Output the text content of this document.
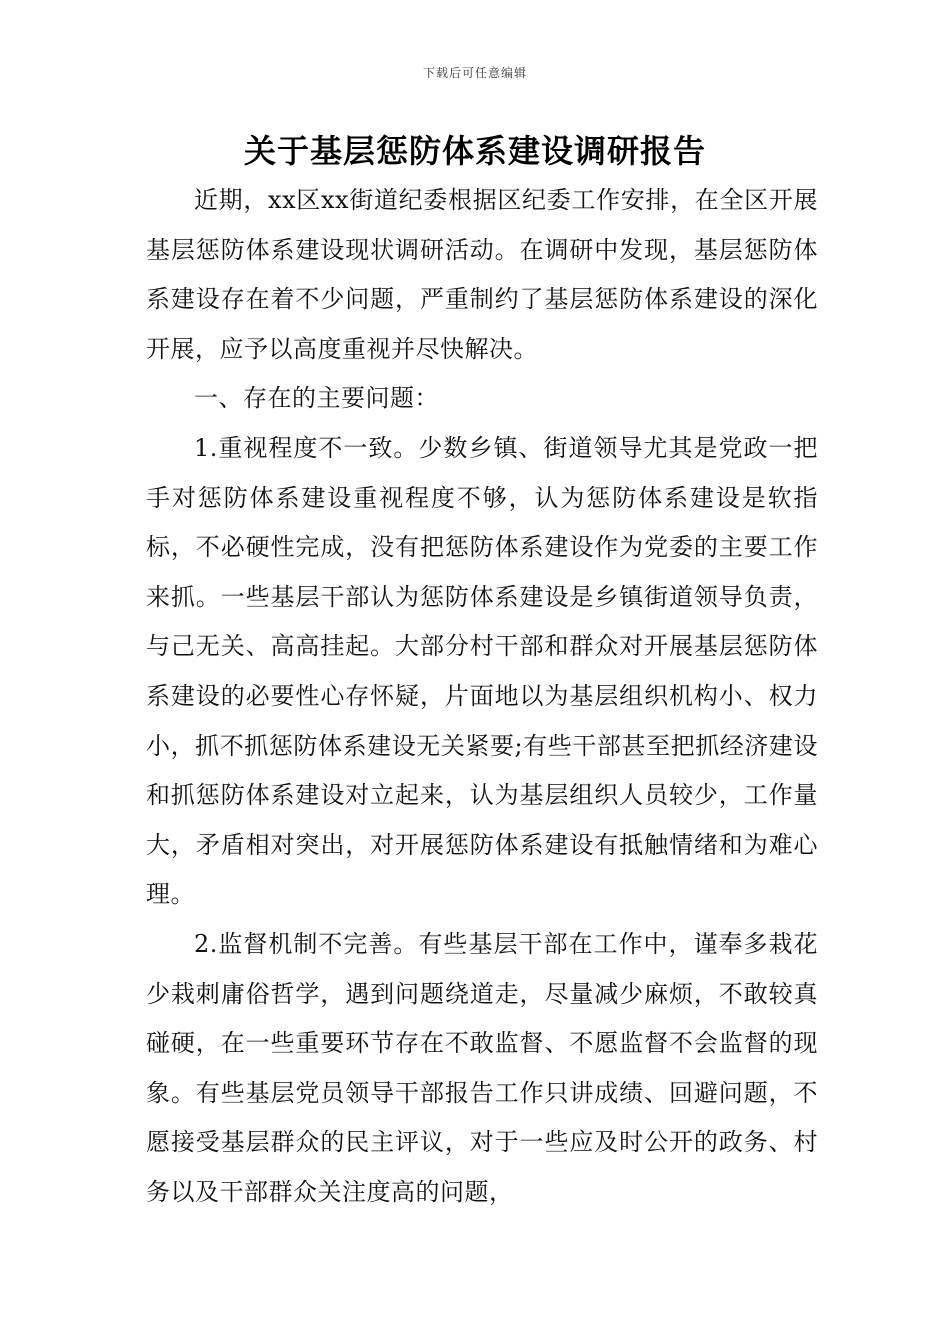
下载后可任意编辑
关于基层惩防体系建设调研报告

近期，xx区xx街道纪委根据区纪委工作安排，在全区开展基层惩防体系建设现状调研活动。在调研中发现，基层惩防体系建设存在着不少问题，严重制约了基层惩防体系建设的深化开展，应予以高度重视并尽快解决。

一、存在的主要问题：

1.重视程度不一致。少数乡镇、街道领导尤其是党政一把手对惩防体系建设重视程度不够，认为惩防体系建设是软指标，不必硬性完成，没有把惩防体系建设作为党委的主要工作来抓。一些基层干部认为惩防体系建设是乡镇街道领导负责，与己无关、高高挂起。大部分村干部和群众对开展基层惩防体系建设的必要性心存怀疑，片面地以为基层组织机构小、权力小，抓不抓惩防体系建设无关紧要;有些干部甚至把抓经济建设和抓惩防体系建设对立起来，认为基层组织人员较少，工作量大，矛盾相对突出，对开展惩防体系建设有抵触情绪和为难心理。

2.监督机制不完善。有些基层干部在工作中，谨奉多栽花少栽刺庸俗哲学，遇到问题绕道走，尽量减少麻烦，不敢较真碰硬，在一些重要环节存在不敢监督、不愿监督不会监督的现象。有些基层党员领导干部报告工作只讲成绩、回避问题，不愿接受基层群众的民主评议，对于一些应及时公开的政务、村务以及干部群众关注度高的问题，
